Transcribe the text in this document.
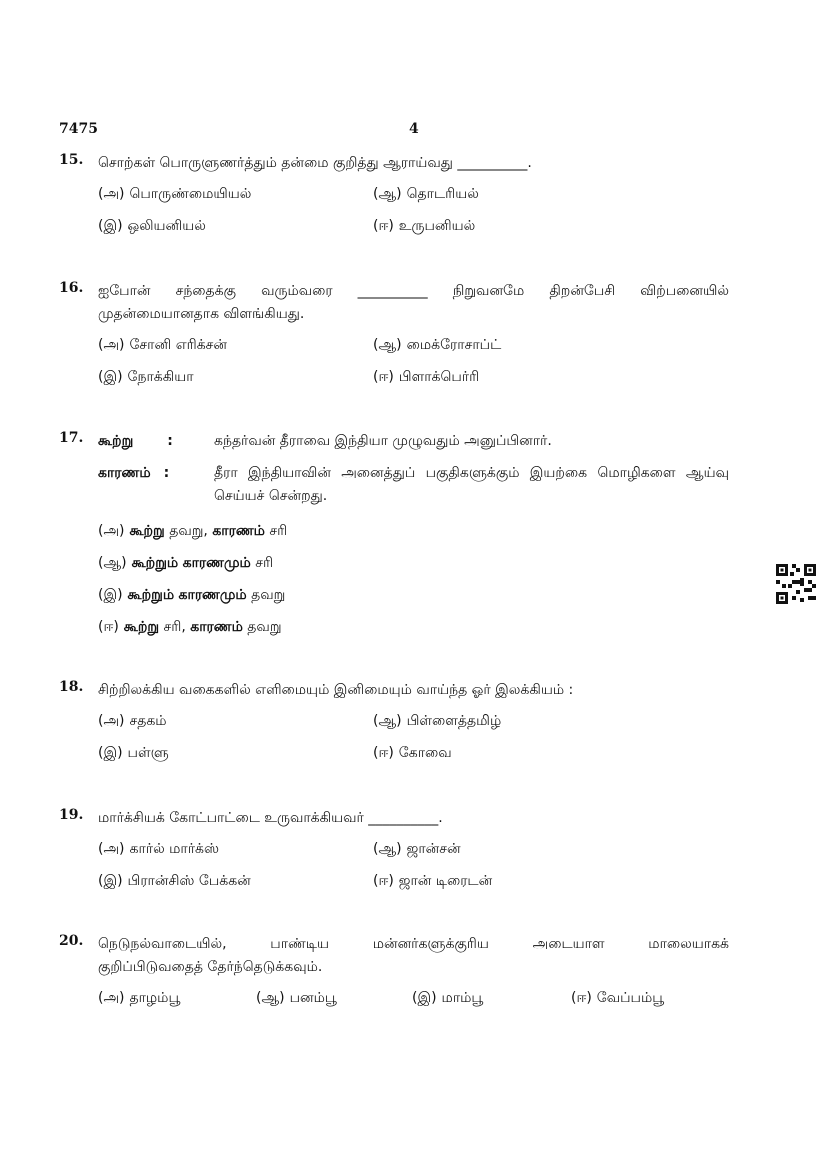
7475	4
15. சொற்கள் பொருளுணர்த்தும் தன்மை குறித்து ஆராய்வது __________.
(அ) பொருண்மையியல்	(ஆ) தொடரியல்
(இ) ஒலியனியல்	(ஈ) உருபனியல்
16. ஐபோன் சந்தைக்கு வரும்வரை __________ நிறுவனமே திறன்பேசி விற்பனையில்
முதன்மையானதாக விளங்கியது.
(அ) சோனி எரிக்சன்	(ஆ) மைக்ரோசாப்ட்
(இ) நோக்கியா	(ஈ) பிளாக்பெர்ரி
17. கூற்று :	கந்தர்வன் தீராவை இந்தியா முழுவதும் அனுப்பினார்.
காரணம் :	தீரா இந்தியாவின் அனைத்துப் பகுதிகளுக்கும் இயற்கை மொழிகளை ஆய்வு செய்யச் சென்றது.
(அ) கூற்று தவறு, காரணம் சரி
(ஆ) கூற்றும் காரணமும் சரி
(இ) கூற்றும் காரணமும் தவறு
(ஈ) கூற்று சரி, காரணம் தவறு
18. சிற்றிலக்கிய வகைகளில் எளிமையும் இனிமையும் வாய்ந்த ஓர் இலக்கியம் :
(அ) சதகம்	(ஆ) பிள்ளைத்தமிழ்
(இ) பள்ளு	(ஈ) கோவை
19. மார்க்சியக் கோட்பாட்டை உருவாக்கியவர் __________.
(அ) கார்ல் மார்க்ஸ்	(ஆ) ஜான்சன்
(இ) பிரான்சிஸ் பேக்கன்	(ஈ) ஜான் டிரைடன்
20. நெடுநல்வாடையில், பாண்டிய மன்னர்களுக்குரிய அடையாள மாலையாகக்
குறிப்பிடுவதைத் தேர்ந்தெடுக்கவும்.
(அ) தாழம்பூ	(ஆ) பனம்பூ	(இ) மாம்பூ	(ஈ) வேப்பம்பூ
